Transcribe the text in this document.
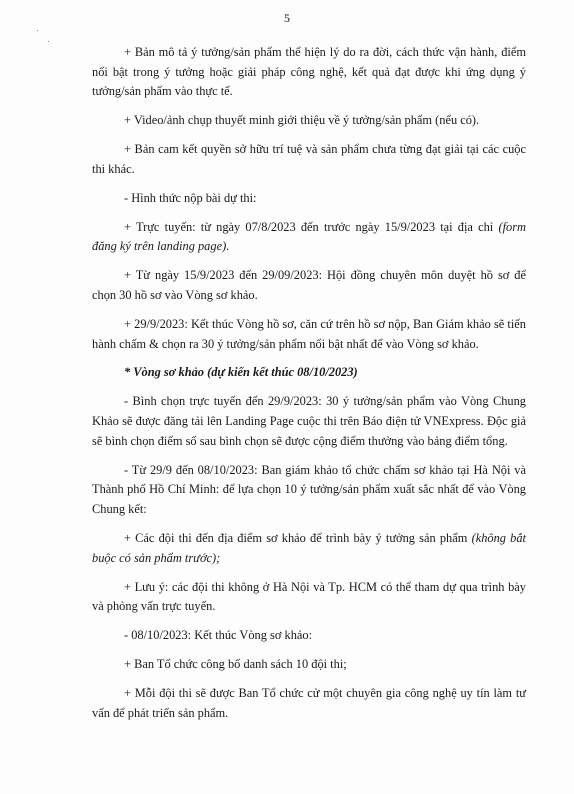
5

+ Bản mô tả ý tưởng/sản phẩm thể hiện lý do ra đời, cách thức vận hành, điểm nổi bật trong ý tưởng hoặc giải pháp công nghệ, kết quả đạt được khi ứng dụng ý tưởng/sản phẩm vào thực tế.

+ Video/ảnh chụp thuyết minh giới thiệu về ý tưởng/sản phẩm (nếu có).

+ Bản cam kết quyền sở hữu trí tuệ và sản phẩm chưa từng đạt giải tại các cuộc thi khác.

- Hình thức nộp bài dự thi:

+ Trực tuyến: từ ngày 07/8/2023 đến trước ngày 15/9/2023 tại địa chỉ (form đăng ký trên landing page).

+ Từ ngày 15/9/2023 đến 29/09/2023: Hội đồng chuyên môn duyệt hồ sơ để chọn 30 hồ sơ vào Vòng sơ khảo.

+ 29/9/2023: Kết thúc Vòng hồ sơ, căn cứ trên hồ sơ nộp, Ban Giám khảo sẽ tiến hành chấm & chọn ra 30 ý tưởng/sản phẩm nổi bật nhất để vào Vòng sơ khảo.

* Vòng sơ khảo (dự kiến kết thúc 08/10/2023)

- Bình chọn trực tuyến đến 29/9/2023: 30 ý tưởng/sản phẩm vào Vòng Chung Khảo sẽ được đăng tải lên Landing Page cuộc thi trên Báo điện tử VNExpress. Độc giả sẽ bình chọn điểm số sau bình chọn sẽ được cộng điểm thưởng vào bảng điểm tổng.

- Từ 29/9 đến 08/10/2023: Ban giám khảo tổ chức chấm sơ khảo tại Hà Nội và Thành phố Hồ Chí Minh: để lựa chọn 10 ý tưởng/sản phẩm xuất sắc nhất để vào Vòng Chung kết:

+ Các đội thi đến địa điểm sơ khảo để trình bày ý tưởng sản phẩm (không bắt buộc có sản phẩm trước);

+ Lưu ý: các đội thi không ở Hà Nội và Tp. HCM có thể tham dự qua trình bày và phỏng vấn trực tuyến.

- 08/10/2023: Kết thúc Vòng sơ khảo:

+ Ban Tổ chức công bố danh sách 10 đội thi;

+ Mỗi đội thi sẽ được Ban Tổ chức cử một chuyên gia công nghệ uy tín làm tư vấn để phát triển sản phẩm.
